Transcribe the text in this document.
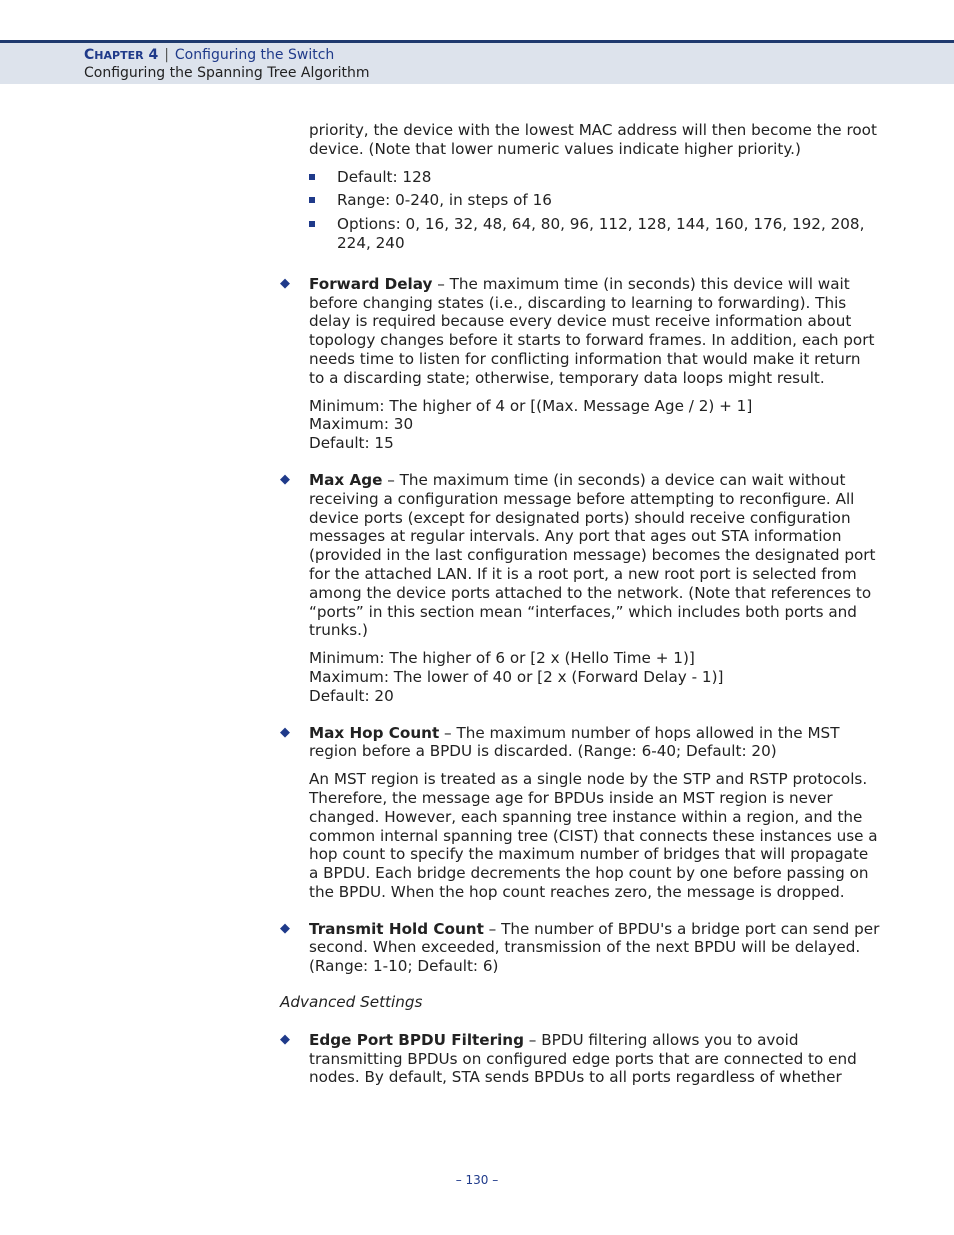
CHAPTER 4 | Configuring the Switch
Configuring the Spanning Tree Algorithm

priority, the device with the lowest MAC address will then become the root device. (Note that lower numeric values indicate higher priority.)

Default: 128
Range: 0-240, in steps of 16
Options: 0, 16, 32, 48, 64, 80, 96, 112, 128, 144, 160, 176, 192, 208, 224, 240
◆ Forward Delay – The maximum time (in seconds) this device will wait before changing states (i.e., discarding to learning to forwarding). This delay is required because every device must receive information about topology changes before it starts to forward frames. In addition, each port needs time to listen for conflicting information that would make it return to a discarding state; otherwise, temporary data loops might result.

Minimum: The higher of 4 or [(Max. Message Age / 2) + 1]

Maximum: 30

Default: 15

◆ Max Age – The maximum time (in seconds) a device can wait without receiving a configuration message before attempting to reconfigure. All device ports (except for designated ports) should receive configuration messages at regular intervals. Any port that ages out STA information (provided in the last configuration message) becomes the designated port for the attached LAN. If it is a root port, a new root port is selected from among the device ports attached to the network. (Note that references to “ports” in this section mean “interfaces,” which includes both ports and trunks.)

Minimum: The higher of 6 or [2 x (Hello Time + 1)]

Maximum: The lower of 40 or [2 x (Forward Delay - 1)]

Default: 20

◆ Max Hop Count – The maximum number of hops allowed in the MST region before a BPDU is discarded. (Range: 6-40; Default: 20)

An MST region is treated as a single node by the STP and RSTP protocols. Therefore, the message age for BPDUs inside an MST region is never changed. However, each spanning tree instance within a region, and the common internal spanning tree (CIST) that connects these instances use a hop count to specify the maximum number of bridges that will propagate a BPDU. Each bridge decrements the hop count by one before passing on the BPDU. When the hop count reaches zero, the message is dropped.

◆ Transmit Hold Count – The number of BPDU's a bridge port can send per second. When exceeded, transmission of the next BPDU will be delayed. (Range: 1-10; Default: 6)

Advanced Settings

◆ Edge Port BPDU Filtering – BPDU filtering allows you to avoid transmitting BPDUs on configured edge ports that are connected to end nodes. By default, STA sends BPDUs to all ports regardless of whether

– 130 –
